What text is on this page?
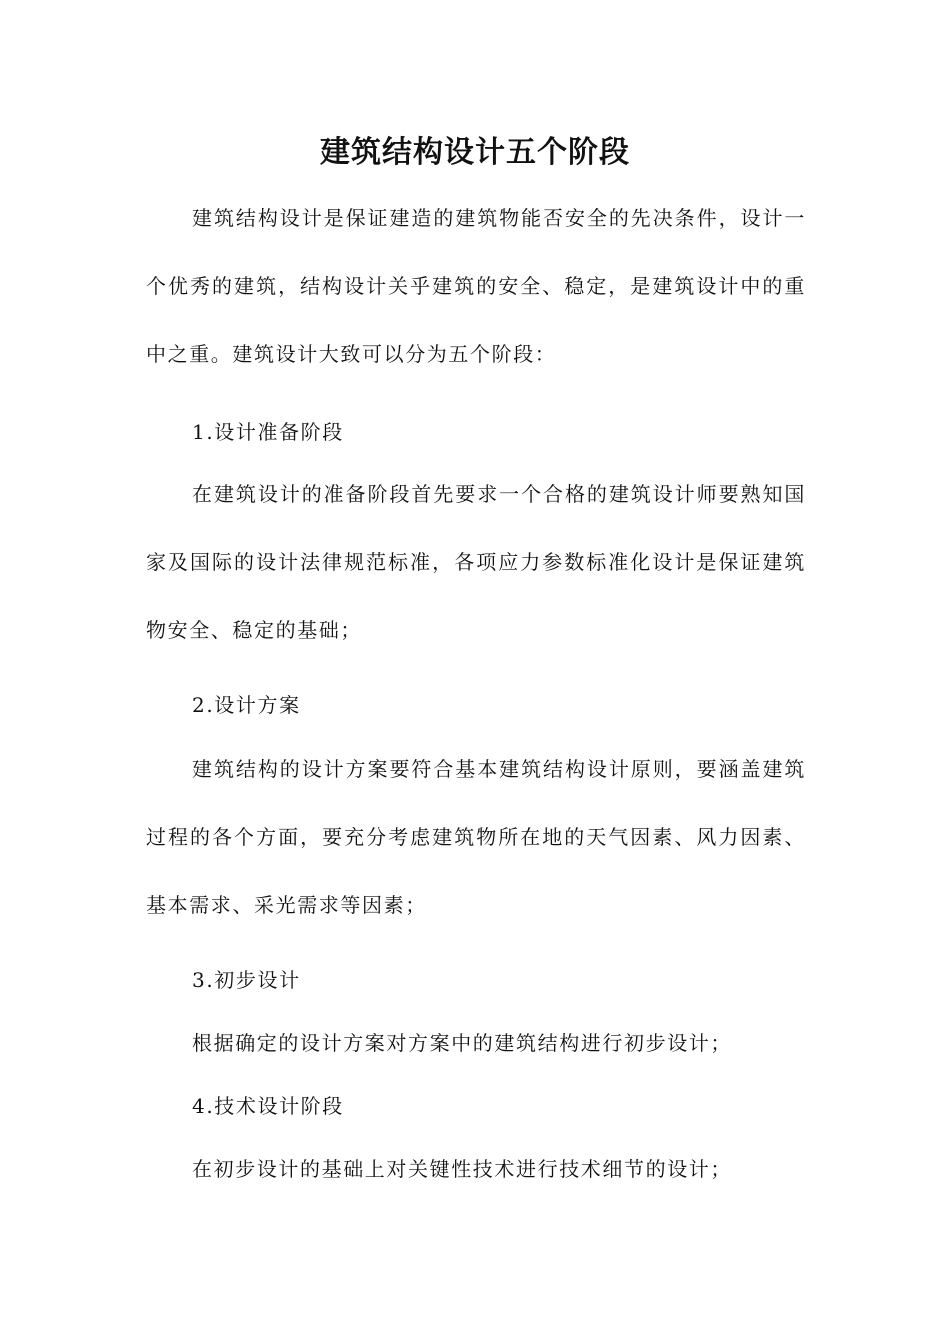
建筑结构设计五个阶段

建筑结构设计是保证建造的建筑物能否安全的先决条件，设计一个优秀的建筑，结构设计关乎建筑的安全、稳定，是建筑设计中的重中之重。建筑设计大致可以分为五个阶段：

1.设计准备阶段

在建筑设计的准备阶段首先要求一个合格的建筑设计师要熟知国家及国际的设计法律规范标准，各项应力参数标准化设计是保证建筑物安全、稳定的基础；

2.设计方案

建筑结构的设计方案要符合基本建筑结构设计原则，要涵盖建筑过程的各个方面，要充分考虑建筑物所在地的天气因素、风力因素、基本需求、采光需求等因素；

3.初步设计

根据确定的设计方案对方案中的建筑结构进行初步设计；

4.技术设计阶段

在初步设计的基础上对关键性技术进行技术细节的设计；
